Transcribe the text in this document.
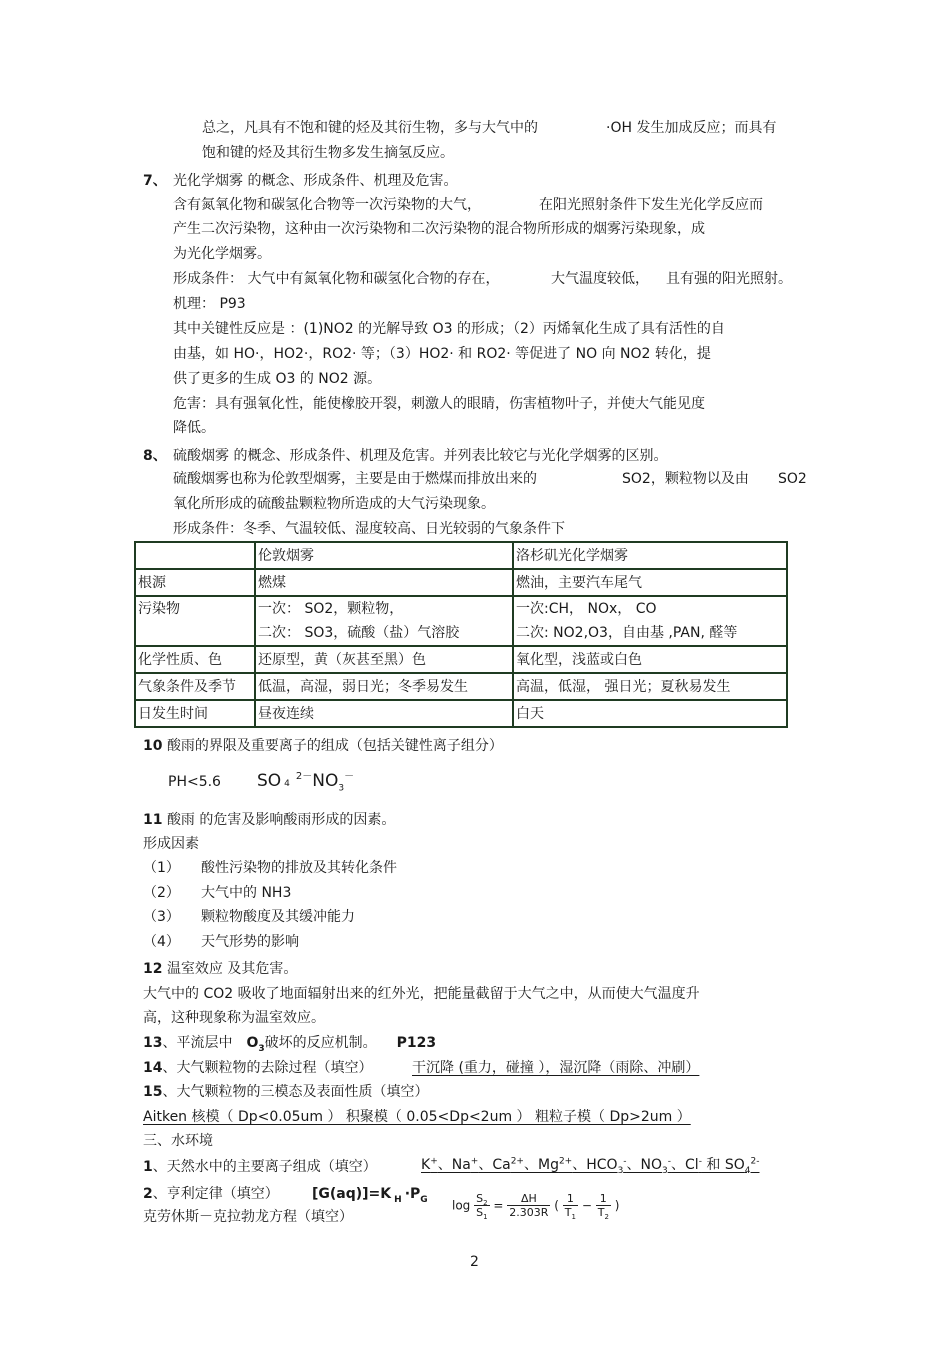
总之，凡具有不饱和键的烃及其衍生物，多与大气中的	·OH 发生加成反应；而具有
饱和键的烃及其衍生物多发生摘氢反应。
7、 光化学烟雾 的概念、形成条件、机理及危害。
含有氮氧化物和碳氢化合物等一次污染物的大气，	在阳光照射条件下发生光化学反应而
产生二次污染物，这种由一次污染物和二次污染物的混合物所形成的烟雾污染现象，成
为光化学烟雾。
形成条件： 大气中有氮氧化物和碳氢化合物的存在，	大气温度较低， 且有强的阳光照射。
机理： P93
其中关键性反应是 ：(1)NO2 的光解导致 O3 的形成；（2）丙烯氧化生成了具有活性的自
由基，如 HO·，HO2·，RO2· 等；（3）HO2· 和 RO2· 等促进了 NO 向 NO2 转化，提
供了更多的生成 O3 的 NO2 源。
危害：具有强氧化性，能使橡胶开裂，刺激人的眼睛，伤害植物叶子，并使大气能见度
降低。
8、 硫酸烟雾 的概念、形成条件、机理及危害。并列表比较它与光化学烟雾的区别。
硫酸烟雾也称为伦敦型烟雾，主要是由于燃煤而排放出来的	SO2，颗粒物以及由 SO2
氧化所形成的硫酸盐颗粒物所造成的大气污染现象。
形成条件：冬季、气温较低、湿度较高、日光较弱的气象条件下
	伦敦烟雾	洛杉矶光化学烟雾
根源	燃煤	燃油，主要汽车尾气
污染物	一次： SO2，颗粒物，	一次:CH， NOx， CO
	二次： SO3，硫酸（盐）气溶胶	二次: NO2,O3，自由基 ,PAN, 醛等
化学性质、色	还原型，黄（灰甚至黑）色	氧化型，浅蓝或白色
气象条件及季节	低温，高湿，弱日光；冬季易发生	高温，低湿， 强日光；夏秋易发生
日发生时间	昼夜连续	白天
10 酸雨的界限及重要离子的组成（包括关键性离子组分）
PH<5.6 SO $4^{2-}NO_3^-$
11 酸雨 的危害及影响酸雨形成的因素。
形成因素
（1） 酸性污染物的排放及其转化条件
（2） 大气中的 NH3
（3） 颗粒物酸度及其缓冲能力
（4） 天气形势的影响
12 温室效应 及其危害。
大气中的 CO2 吸收了地面辐射出来的红外光，把能量截留于大气之中，从而使大气温度升
高，这种现象称为温室效应。
13、平流层中 $O_3$破坏的反应机制。 P123
14、大气颗粒物的去除过程（填空）	干沉降 (重力，碰撞 ），湿沉降（雨除、冲刷）
15、大气颗粒物的三模态及表面性质（填空）
Aitken 核模（ Dp<0.05um ） 积聚模（ 0.05<Dp<2um ） 粗粒子模（ Dp>2um ）
三、水环境
1、天然水中的主要离子组成（填空）	K+、Na+、$Ca^{2+}$、$Mg^{2+}$、$HCO_3^-$、$NO_3^-$、Cl- 和 $SO_4^{2-}$
2、亨利定律（填空） [G(aq)]=K $_H \cdot P_G$
克劳休斯－克拉勃龙方程（填空）
$\log \frac{S_2}{S_1} = \frac{\Delta H}{2.303R}$ ( $\frac{1}{T_1} - \frac{1}{T_2}$ )
2
